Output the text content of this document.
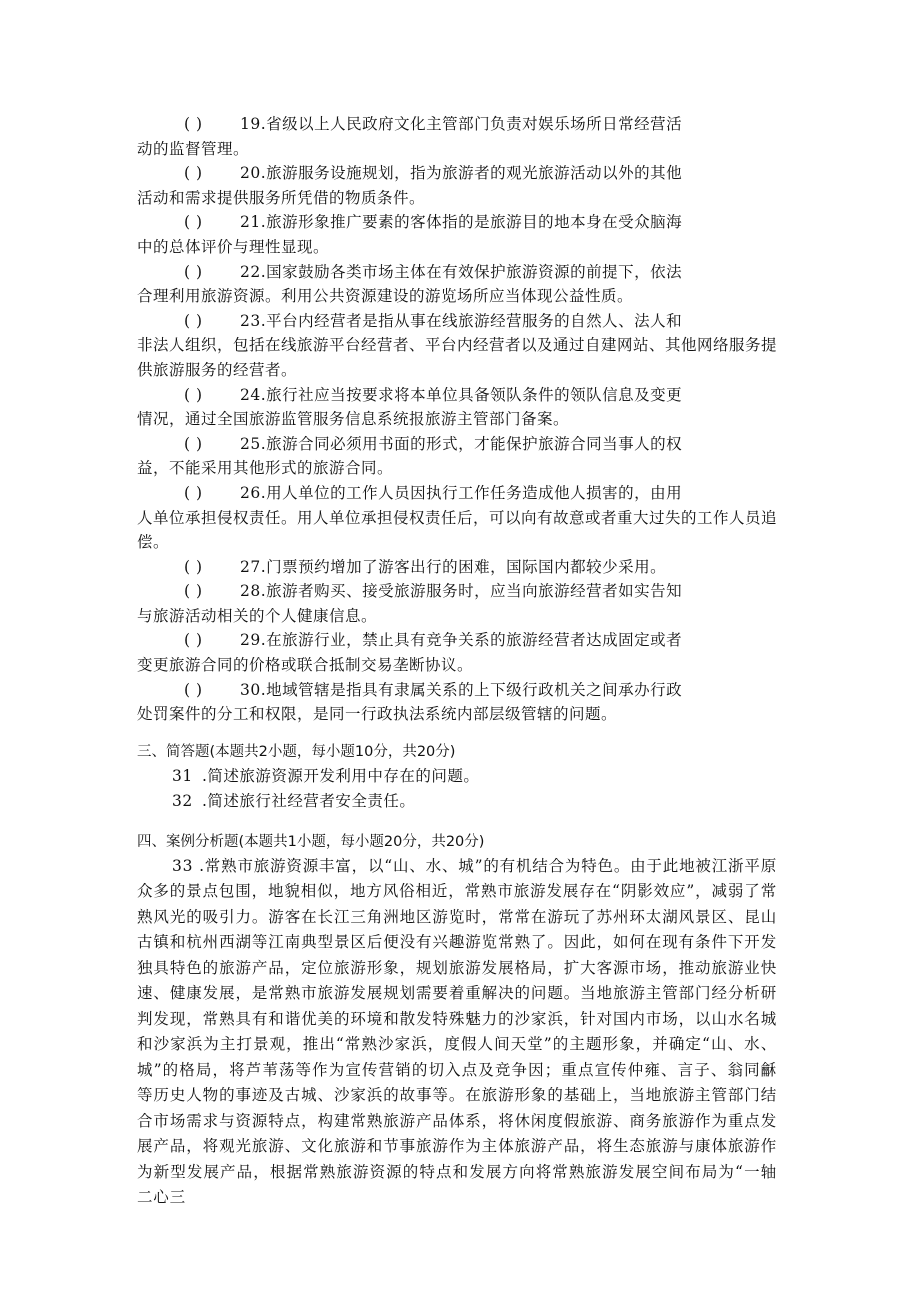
( ) 19.省级以上人民政府文化主管部门负责对娱乐场所日常经营活
动的监督管理。
( ) 20.旅游服务设施规划，指为旅游者的观光旅游活动以外的其他
活动和需求提供服务所凭借的物质条件。
( ) 21.旅游形象推广要素的客体指的是旅游目的地本身在受众脑海
中的总体评价与理性显现。
( ) 22.国家鼓励各类市场主体在有效保护旅游资源的前提下，依法
合理利用旅游资源。利用公共资源建设的游览场所应当体现公益性质。
( ) 23.平台内经营者是指从事在线旅游经营服务的自然人、法人和
非法人组织，包括在线旅游平台经营者、平台内经营者以及通过自建网站、其他网络服务提供旅游服务的经营者。
( ) 24.旅行社应当按要求将本单位具备领队条件的领队信息及变更
情况，通过全国旅游监管服务信息系统报旅游主管部门备案。
( ) 25.旅游合同必须用书面的形式，才能保护旅游合同当事人的权
益，不能采用其他形式的旅游合同。
( ) 26.用人单位的工作人员因执行工作任务造成他人损害的，由用
人单位承担侵权责任。用人单位承担侵权责任后，可以向有故意或者重大过失的工作人员追偿。
( ) 27.门票预约增加了游客出行的困难，国际国内都较少采用。
( ) 28.旅游者购买、接受旅游服务时，应当向旅游经营者如实告知
与旅游活动相关的个人健康信息。
( ) 29.在旅游行业，禁止具有竞争关系的旅游经营者达成固定或者
变更旅游合同的价格或联合抵制交易垄断协议。
( ) 30.地域管辖是指具有隶属关系的上下级行政机关之间承办行政
处罚案件的分工和权限，是同一行政执法系统内部层级管辖的问题。

三、简答题(本题共2小题，每小题10分，共20分)

31 .简述旅游资源开发利用中存在的问题。

32 .简述旅行社经营者安全责任。

四、案例分析题(本题共1小题，每小题20分，共20分)

33 .常熟市旅游资源丰富，以“山、水、城”的有机结合为特色。由于此地被江浙平原众多的景点包围，地貌相似，地方风俗相近，常熟市旅游发展存在“阴影效应”，减弱了常熟风光的吸引力。游客在长江三角洲地区游览时，常常在游玩了苏州环太湖风景区、昆山古镇和杭州西湖等江南典型景区后便没有兴趣游览常熟了。因此，如何在现有条件下开发独具特色的旅游产品，定位旅游形象，规划旅游发展格局，扩大客源市场，推动旅游业快速、健康发展，是常熟市旅游发展规划需要着重解决的问题。当地旅游主管部门经分析研判发现，常熟具有和谐优美的环境和散发特殊魅力的沙家浜，针对国内市场，以山水名城和沙家浜为主打景观，推出“常熟沙家浜，度假人间天堂”的主题形象，并确定“山、水、城”的格局，将芦苇荡等作为宣传营销的切入点及竞争因；重点宣传仲雍、言子、翁同龢等历史人物的事迹及古城、沙家浜的故事等。在旅游形象的基础上，当地旅游主管部门结合市场需求与资源特点，构建常熟旅游产品体系，将休闲度假旅游、商务旅游作为重点发展产品，将观光旅游、文化旅游和节事旅游作为主体旅游产品，将生态旅游与康体旅游作为新型发展产品，根据常熟旅游资源的特点和发展方向将常熟旅游发展空间布局为“一轴二心三
